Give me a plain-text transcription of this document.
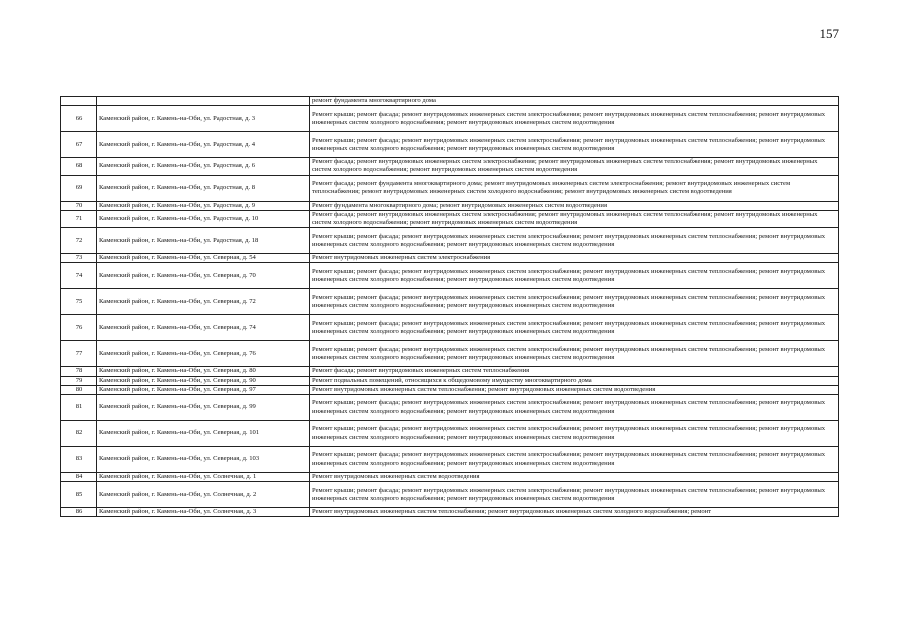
157
		ремонт фундамента многоквартирного дома
66	Каменский район, г. Камень-на-Оби, ул. Радостная, д. 3	Ремонт крыши; ремонт фасада; ремонт внутридомовых инженерных систем электроснабжения; ремонт внутридомовых инженерных систем теплоснабжения; ремонт внутридомовых инженерных систем холодного водоснабжения; ремонт внутридомовых инженерных систем водоотведения
67	Каменский район, г. Камень-на-Оби, ул. Радостная, д. 4	Ремонт крыши; ремонт фасада; ремонт внутридомовых инженерных систем электроснабжения; ремонт внутридомовых инженерных систем теплоснабжения; ремонт внутридомовых инженерных систем холодного водоснабжения; ремонт внутридомовых инженерных систем водоотведения
68	Каменский район, г. Камень-на-Оби, ул. Радостная, д. 6	Ремонт фасада; ремонт внутридомовых инженерных систем электроснабжения; ремонт внутридомовых инженерных систем теплоснабжения; ремонт внутридомовых инженерных систем холодного водоснабжения; ремонт внутридомовых инженерных систем водоотведения
69	Каменский район, г. Камень-на-Оби, ул. Радостная, д. 8	Ремонт фасада; ремонт фундамента многоквартирного дома; ремонт внутридомовых инженерных систем электроснабжения; ремонт внутридомовых инженерных систем теплоснабжения; ремонт внутридомовых инженерных систем холодного водоснабжения; ремонт внутридомовых инженерных систем водоотведения
70	Каменский район, г. Камень-на-Оби, ул. Радостная, д. 9	Ремонт фундамента многоквартирного дома; ремонт внутридомовых инженерных систем водоотведения
71	Каменский район, г. Камень-на-Оби, ул. Радостная, д. 10	Ремонт фасада; ремонт внутридомовых инженерных систем электроснабжения; ремонт внутридомовых инженерных систем теплоснабжения; ремонт внутридомовых инженерных систем холодного водоснабжения; ремонт внутридомовых инженерных систем водоотведения
72	Каменский район, г. Камень-на-Оби, ул. Радостная, д. 18	Ремонт крыши; ремонт фасада; ремонт внутридомовых инженерных систем электроснабжения; ремонт внутридомовых инженерных систем теплоснабжения; ремонт внутридомовых инженерных систем холодного водоснабжения; ремонт внутридомовых инженерных систем водоотведения
73	Каменский район, г. Камень-на-Оби, ул. Северная, д. 54	Ремонт внутридомовых инженерных систем электроснабжения
74	Каменский район, г. Камень-на-Оби, ул. Северная, д. 70	Ремонт крыши; ремонт фасада; ремонт внутридомовых инженерных систем электроснабжения; ремонт внутридомовых инженерных систем теплоснабжения; ремонт внутридомовых инженерных систем холодного водоснабжения; ремонт внутридомовых инженерных систем водоотведения
75	Каменский район, г. Камень-на-Оби, ул. Северная, д. 72	Ремонт крыши; ремонт фасада; ремонт внутридомовых инженерных систем электроснабжения; ремонт внутридомовых инженерных систем теплоснабжения; ремонт внутридомовых инженерных систем холодного водоснабжения; ремонт внутридомовых инженерных систем водоотведения
76	Каменский район, г. Камень-на-Оби, ул. Северная, д. 74	Ремонт крыши; ремонт фасада; ремонт внутридомовых инженерных систем электроснабжения; ремонт внутридомовых инженерных систем теплоснабжения; ремонт внутридомовых инженерных систем холодного водоснабжения; ремонт внутридомовых инженерных систем водоотведения
77	Каменский район, г. Камень-на-Оби, ул. Северная, д. 76	Ремонт крыши; ремонт фасада; ремонт внутридомовых инженерных систем электроснабжения; ремонт внутридомовых инженерных систем теплоснабжения; ремонт внутридомовых инженерных систем холодного водоснабжения; ремонт внутридомовых инженерных систем водоотведения
78	Каменский район, г. Камень-на-Оби, ул. Северная, д. 80	Ремонт фасада; ремонт внутридомовых инженерных систем теплоснабжения
79	Каменский район, г. Камень-на-Оби, ул. Северная, д. 90	Ремонт подвальных помещений, относящихся к общедомовому имуществу многоквартирного дома
80	Каменский район, г. Камень-на-Оби, ул. Северная, д. 97	Ремонт внутридомовых инженерных систем теплоснабжения; ремонт внутридомовых инженерных систем водоотведения
81	Каменский район, г. Камень-на-Оби, ул. Северная, д. 99	Ремонт крыши; ремонт фасада; ремонт внутридомовых инженерных систем электроснабжения; ремонт внутридомовых инженерных систем теплоснабжения; ремонт внутридомовых инженерных систем холодного водоснабжения; ремонт внутридомовых инженерных систем водоотведения
82	Каменский район, г. Камень-на-Оби, ул. Северная, д. 101	Ремонт крыши; ремонт фасада; ремонт внутридомовых инженерных систем электроснабжения; ремонт внутридомовых инженерных систем теплоснабжения; ремонт внутридомовых инженерных систем холодного водоснабжения; ремонт внутридомовых инженерных систем водоотведения
83	Каменский район, г. Камень-на-Оби, ул. Северная, д. 103	Ремонт крыши; ремонт фасада; ремонт внутридомовых инженерных систем электроснабжения; ремонт внутридомовых инженерных систем теплоснабжения; ремонт внутридомовых инженерных систем холодного водоснабжения; ремонт внутридомовых инженерных систем водоотведения
84	Каменский район, г. Камень-на-Оби, ул. Солнечная, д. 1	Ремонт внутридомовых инженерных систем водоотведения
85	Каменский район, г. Камень-на-Оби, ул. Солнечная, д. 2	Ремонт крыши; ремонт фасада; ремонт внутридомовых инженерных систем электроснабжения; ремонт внутридомовых инженерных систем теплоснабжения; ремонт внутридомовых инженерных систем холодного водоснабжения; ремонт внутридомовых инженерных систем водоотведения
86	Каменский район, г. Камень-на-Оби, ул. Солнечная, д. 3	Ремонт внутридомовых инженерных систем теплоснабжения; ремонт внутридомовых инженерных систем холодного водоснабжения; ремонт
